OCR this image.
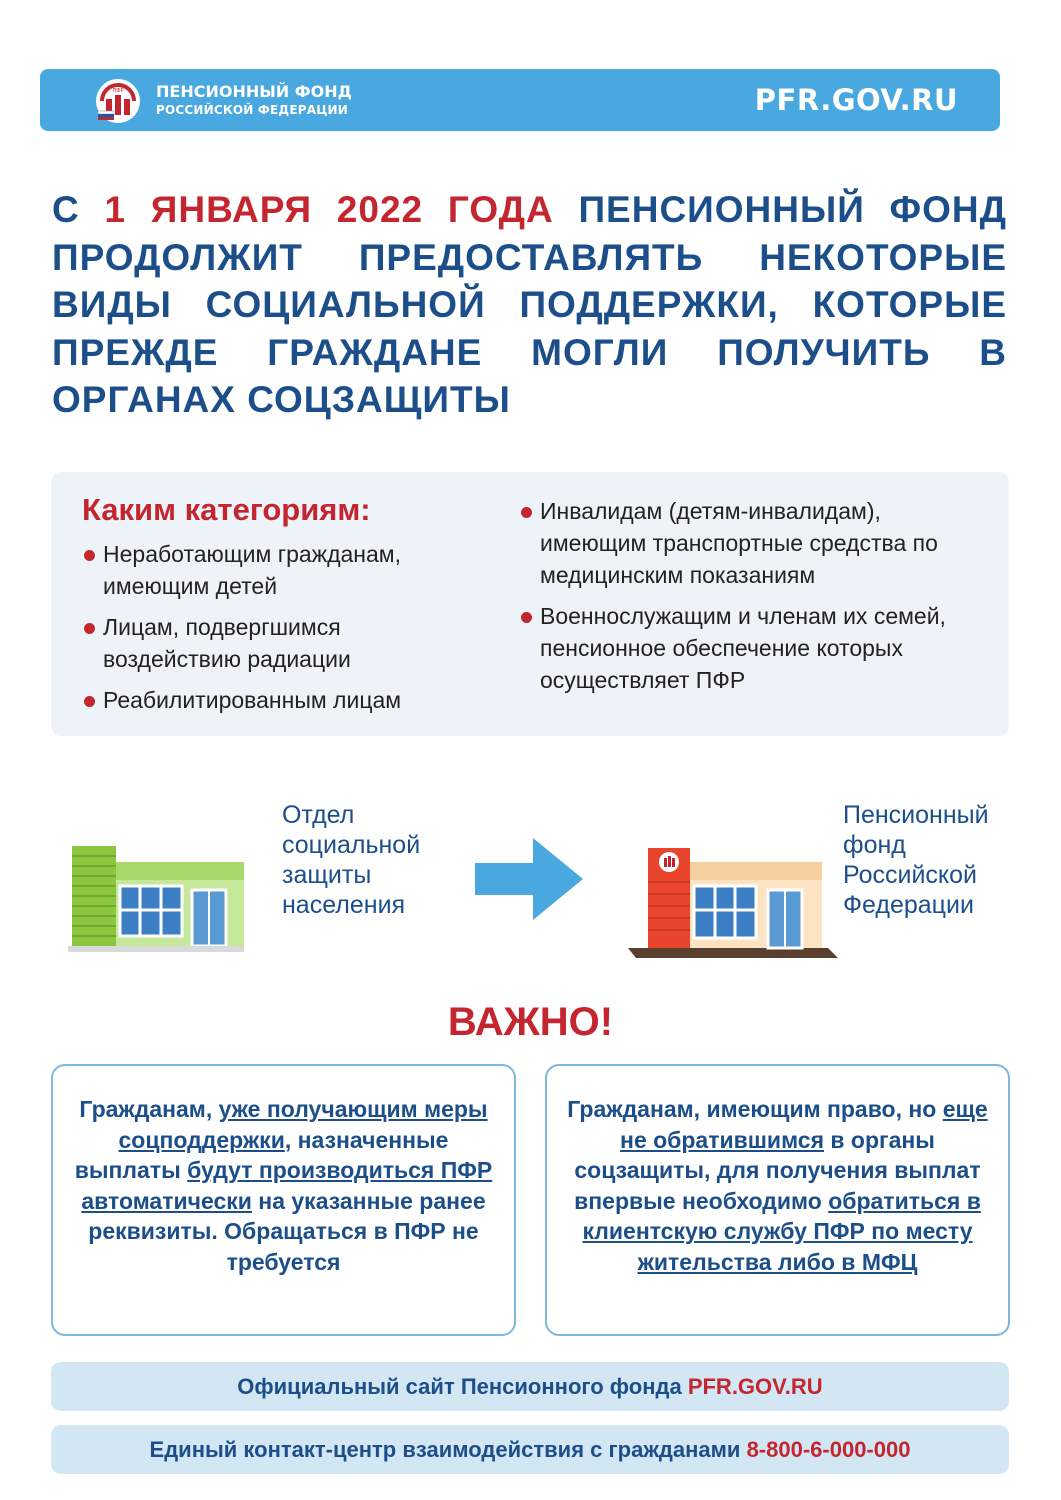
ПФР ПЕНСИОННЫЙ ФОНД
РОССИЙСКОЙ ФЕДЕРАЦИИ	PFR.GOV.RU
С 1 ЯНВАРЯ 2022 ГОДА ПЕНСИОННЫЙ ФОНД ПРОДОЛЖИТ ПРЕДОСТАВЛЯТЬ НЕКОТОРЫЕ ВИДЫ СОЦИАЛЬНОЙ ПОДДЕРЖКИ, КОТОРЫЕ ПРЕЖДЕ ГРАЖДАНЕ МОГЛИ ПОЛУЧИТЬ В ОРГАНАХ СОЦЗАЩИТЫ
Каким категориям:
Неработающим гражданам, имеющим детей
Лицам, подвергшимся воздействию радиации
Реабилитированным лицам
Инвалидам (детям-инвалидам), имеющим транспортные средства по медицинским показаниям
Военнослужащим и членам их семей, пенсионное обеспечение которых осуществляет ПФР
Отдел социальной защиты населения
Пенсионный фонд Российской Федерации
ВАЖНО!
Гражданам, уже получающим меры соцподдержки, назначенные выплаты будут производиться ПФР автоматически на указанные ранее реквизиты. Обращаться в ПФР не требуется
Гражданам, имеющим право, но еще не обратившимся в органы соцзащиты, для получения выплат впервые необходимо обратиться в клиентскую службу ПФР по месту жительства либо в МФЦ
Официальный сайт Пенсионного фонда PFR.GOV.RU
Единый контакт-центр взаимодействия с гражданами 8-800-6-000-000
